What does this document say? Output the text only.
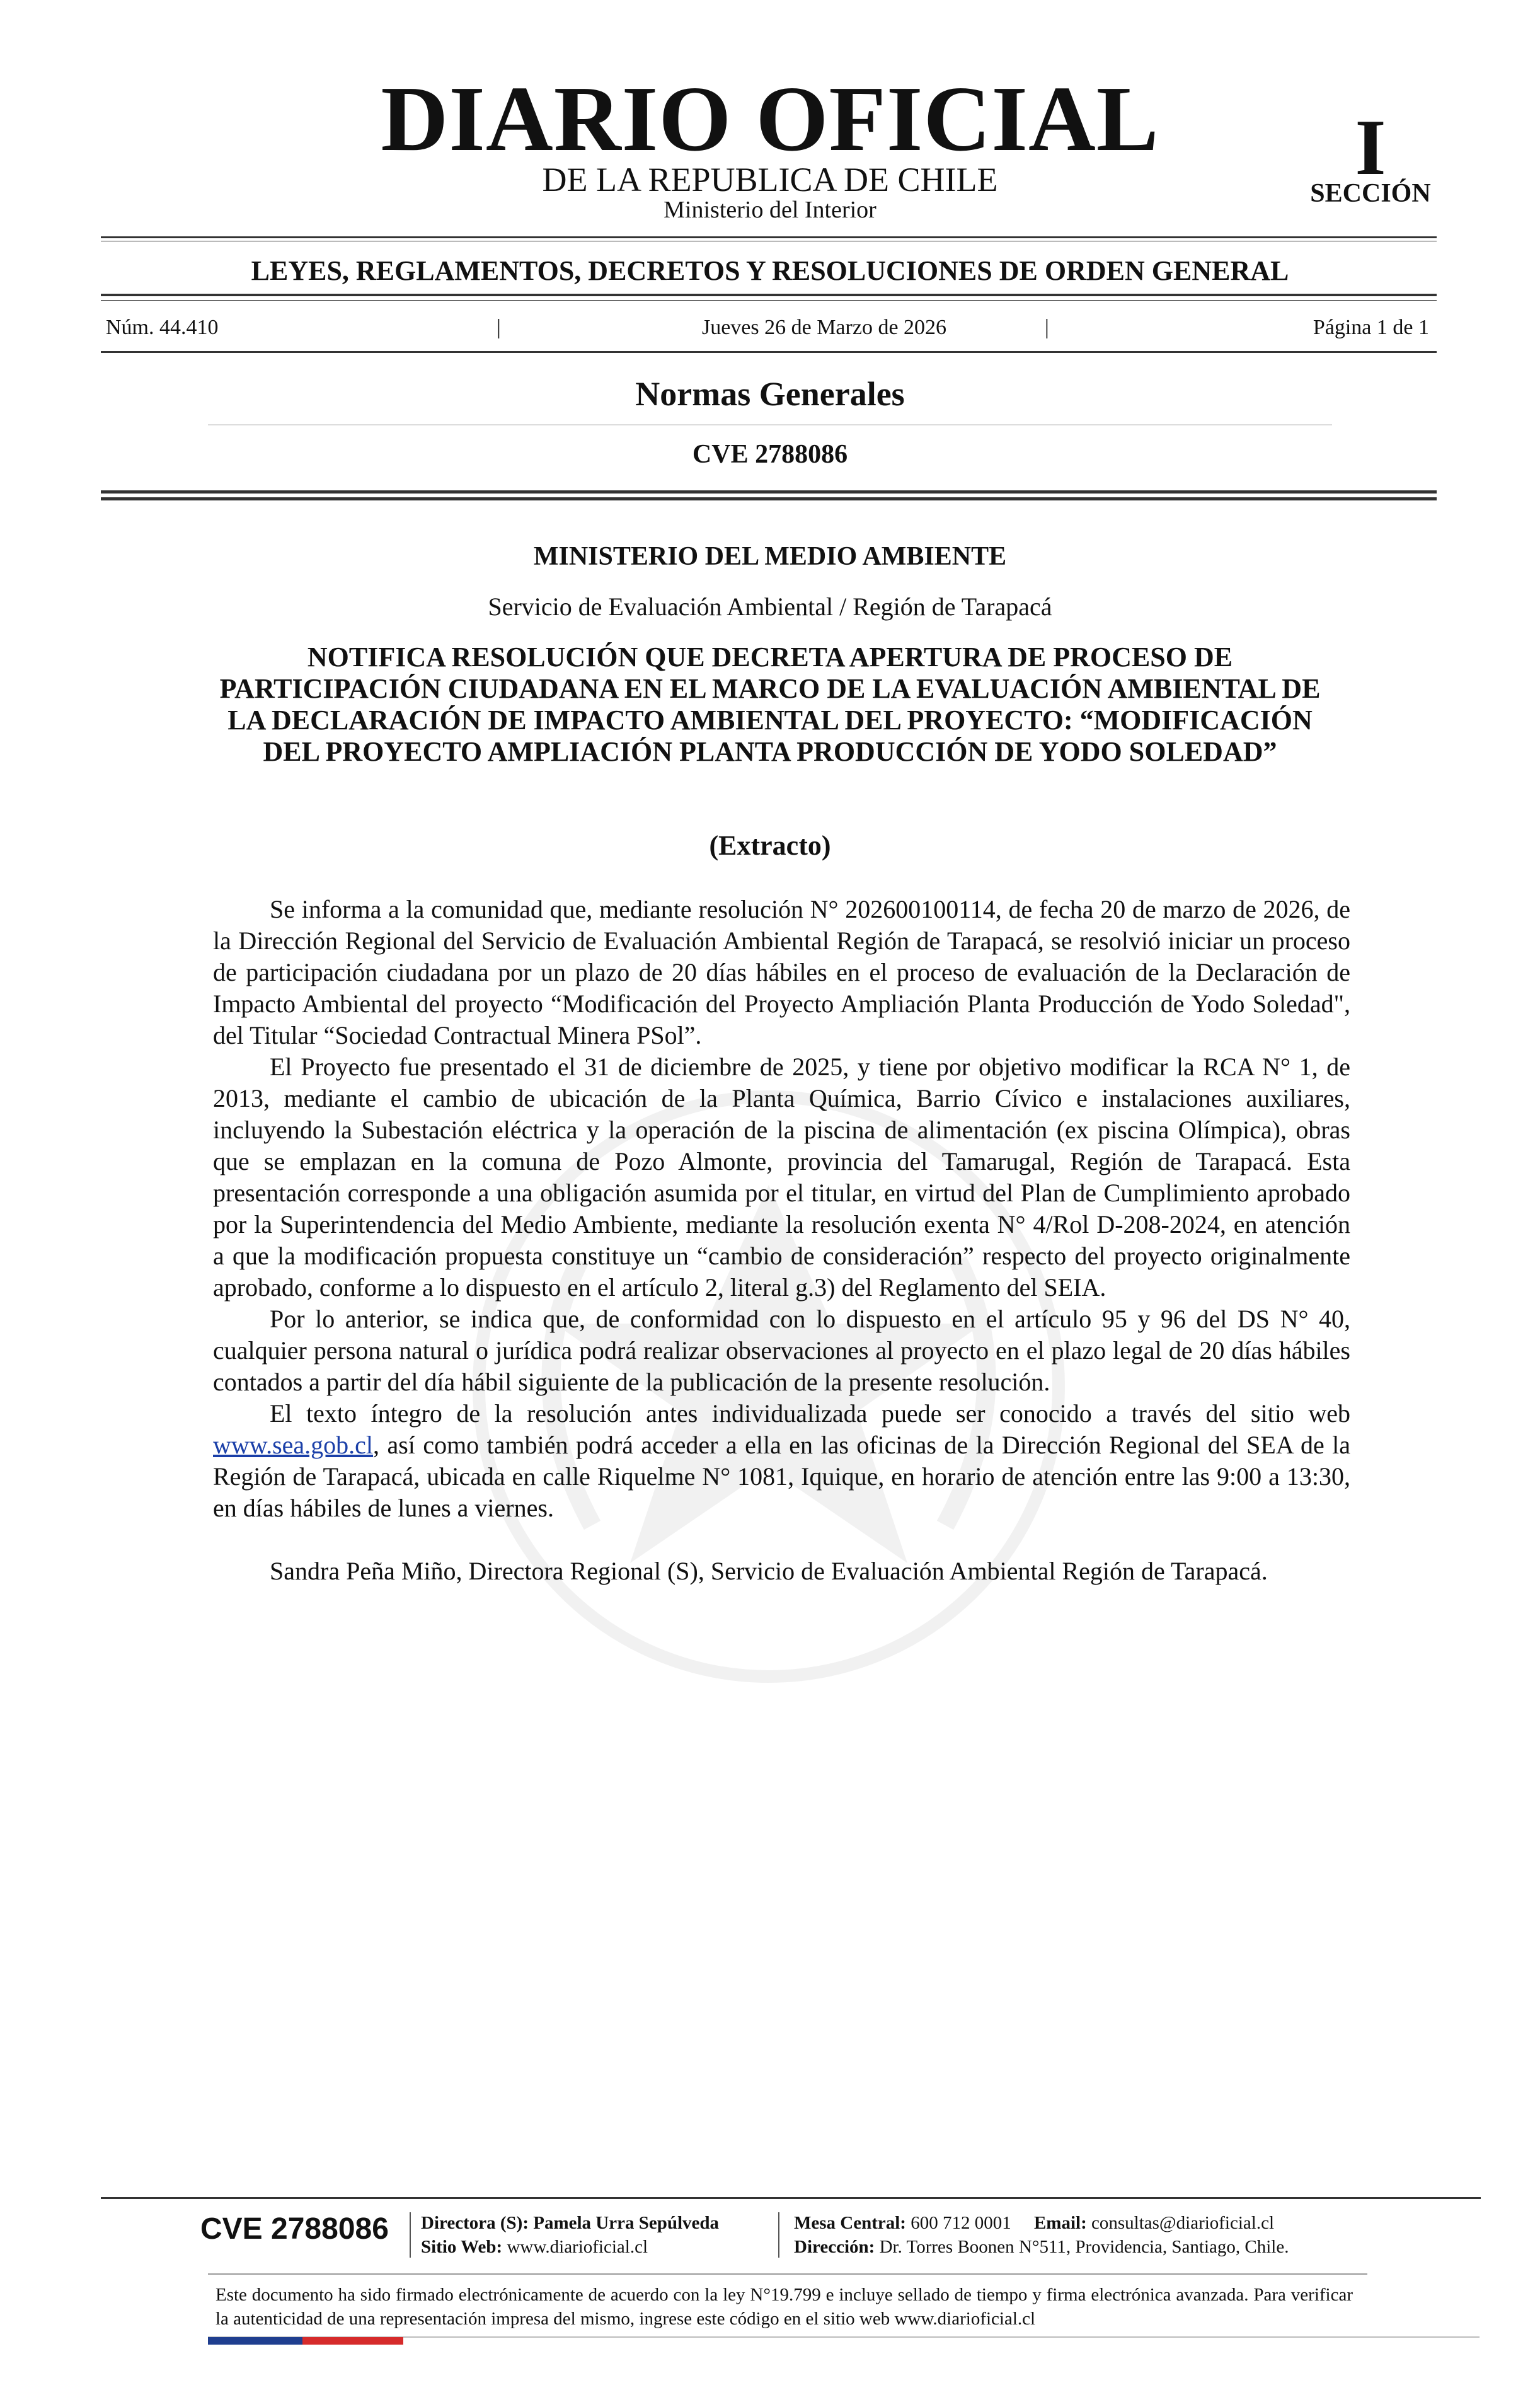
DIARIO OFICIAL
DE LA REPUBLICA DE CHILE
Ministerio del Interior
I
SECCIÓN
LEYES, REGLAMENTOS, DECRETOS Y RESOLUCIONES DE ORDEN GENERAL
Núm. 44.410	|	Jueves 26 de Marzo de 2026	|	Página 1 de 1
Normas Generales
CVE 2788086
MINISTERIO DEL MEDIO AMBIENTE
Servicio de Evaluación Ambiental / Región de Tarapacá
NOTIFICA RESOLUCIÓN QUE DECRETA APERTURA DE PROCESO DE PARTICIPACIÓN CIUDADANA EN EL MARCO DE LA EVALUACIÓN AMBIENTAL DE LA DECLARACIÓN DE IMPACTO AMBIENTAL DEL PROYECTO: “MODIFICACIÓN DEL PROYECTO AMPLIACIÓN PLANTA PRODUCCIÓN DE YODO SOLEDAD”
(Extracto)

Se informa a la comunidad que, mediante resolución N° 202600100114, de fecha 20 de marzo de 2026, de la Dirección Regional del Servicio de Evaluación Ambiental Región de Tarapacá, se resolvió iniciar un proceso de participación ciudadana por un plazo de 20 días hábiles en el proceso de evaluación de la Declaración de Impacto Ambiental del proyecto “Modificación del Proyecto Ampliación Planta Producción de Yodo Soledad", del Titular “Sociedad Contractual Minera PSol”.

El Proyecto fue presentado el 31 de diciembre de 2025, y tiene por objetivo modificar la RCA N° 1, de 2013, mediante el cambio de ubicación de la Planta Química, Barrio Cívico e instalaciones auxiliares, incluyendo la Subestación eléctrica y la operación de la piscina de alimentación (ex piscina Olímpica), obras que se emplazan en la comuna de Pozo Almonte, provincia del Tamarugal, Región de Tarapacá. Esta presentación corresponde a una obligación asumida por el titular, en virtud del Plan de Cumplimiento aprobado por la Superintendencia del Medio Ambiente, mediante la resolución exenta N° 4/Rol D-208-2024, en atención a que la modificación propuesta constituye un “cambio de consideración” respecto del proyecto originalmente aprobado, conforme a lo dispuesto en el artículo 2, literal g.3) del Reglamento del SEIA.

Por lo anterior, se indica que, de conformidad con lo dispuesto en el artículo 95 y 96 del DS N° 40, cualquier persona natural o jurídica podrá realizar observaciones al proyecto en el plazo legal de 20 días hábiles contados a partir del día hábil siguiente de la publicación de la presente resolución.

El texto íntegro de la resolución antes individualizada puede ser conocido a través del sitio web www.sea.gob.cl, así como también podrá acceder a ella en las oficinas de la Dirección Regional del SEA de la Región de Tarapacá, ubicada en calle Riquelme N° 1081, Iquique, en horario de atención entre las 9:00 a 13:30, en días hábiles de lunes a viernes.

Sandra Peña Miño, Directora Regional (S), Servicio de Evaluación Ambiental Región de Tarapacá.

CVE 2788086 Directora (S): Pamela Urra Sepúlveda
Sitio Web: www.diarioficial.cl
Mesa Central: 600 712 0001 Email: consultas@diarioficial.cl
Dirección: Dr. Torres Boonen N°511, Providencia, Santiago, Chile.
Este documento ha sido firmado electrónicamente de acuerdo con la ley N°19.799 e incluye sellado de tiempo y firma electrónica avanzada. Para verificar la autenticidad de una representación impresa del mismo, ingrese este código en el sitio web www.diarioficial.cl
